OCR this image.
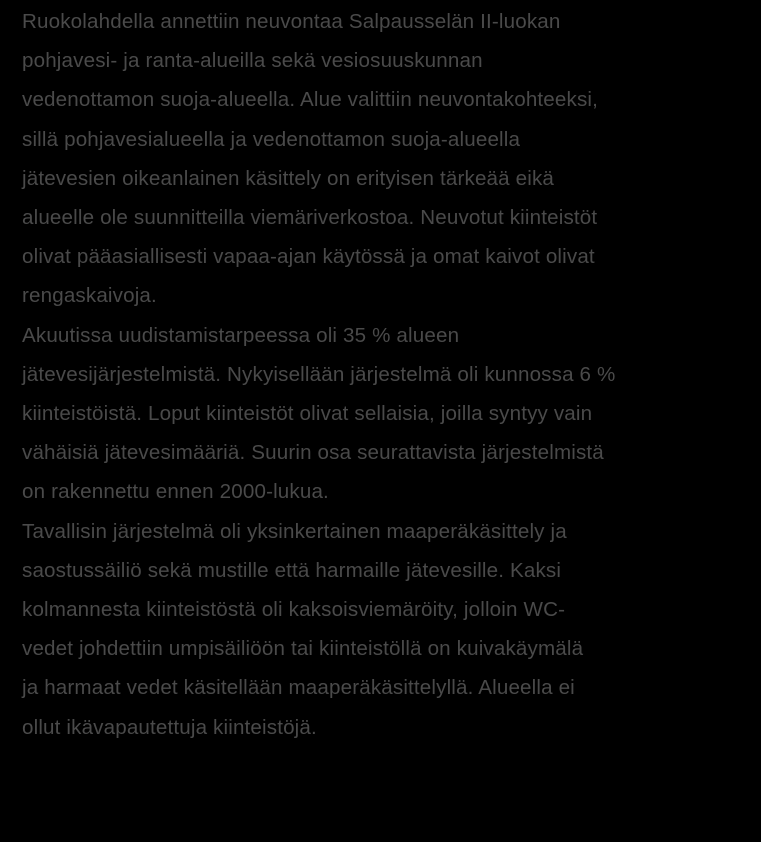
Ruokolahdella annettiin neuvontaa Salpausselän II-luokan
pohjavesi- ja ranta-alueilla sekä vesiosuuskunnan
vedenottamon suoja-alueella. Alue valittiin neuvontakohteeksi,
sillä pohjavesialueella ja vedenottamon suoja-alueella
jätevesien oikeanlainen käsittely on erityisen tärkeää eikä
alueelle ole suunnitteilla viemäriverkostoa. Neuvotut kiinteistöt
olivat pääasiallisesti vapaa-ajan käytössä ja omat kaivot olivat
rengaskaivoja.

Akuutissa uudistamistarpeessa oli 35 % alueen
jätevesijärjestelmistä. Nykyisellään järjestelmä oli kunnossa 6 %
kiinteistöistä. Loput kiinteistöt olivat sellaisia, joilla syntyy vain
vähäisiä jätevesimääriä. Suurin osa seurattavista järjestelmistä
on rakennettu ennen 2000-lukua.

Tavallisin järjestelmä oli yksinkertainen maaperäkäsittely ja
saostussäiliö sekä mustille että harmaille jätevesille. Kaksi
kolmannesta kiinteistöstä oli kaksoisviemäröity, jolloin WC-
vedet johdettiin umpisäiliöön tai kiinteistöllä on kuivakäymälä
ja harmaat vedet käsitellään maaperäkäsittelyllä. Alueella ei
ollut ikävapautettuja kiinteistöjä.
